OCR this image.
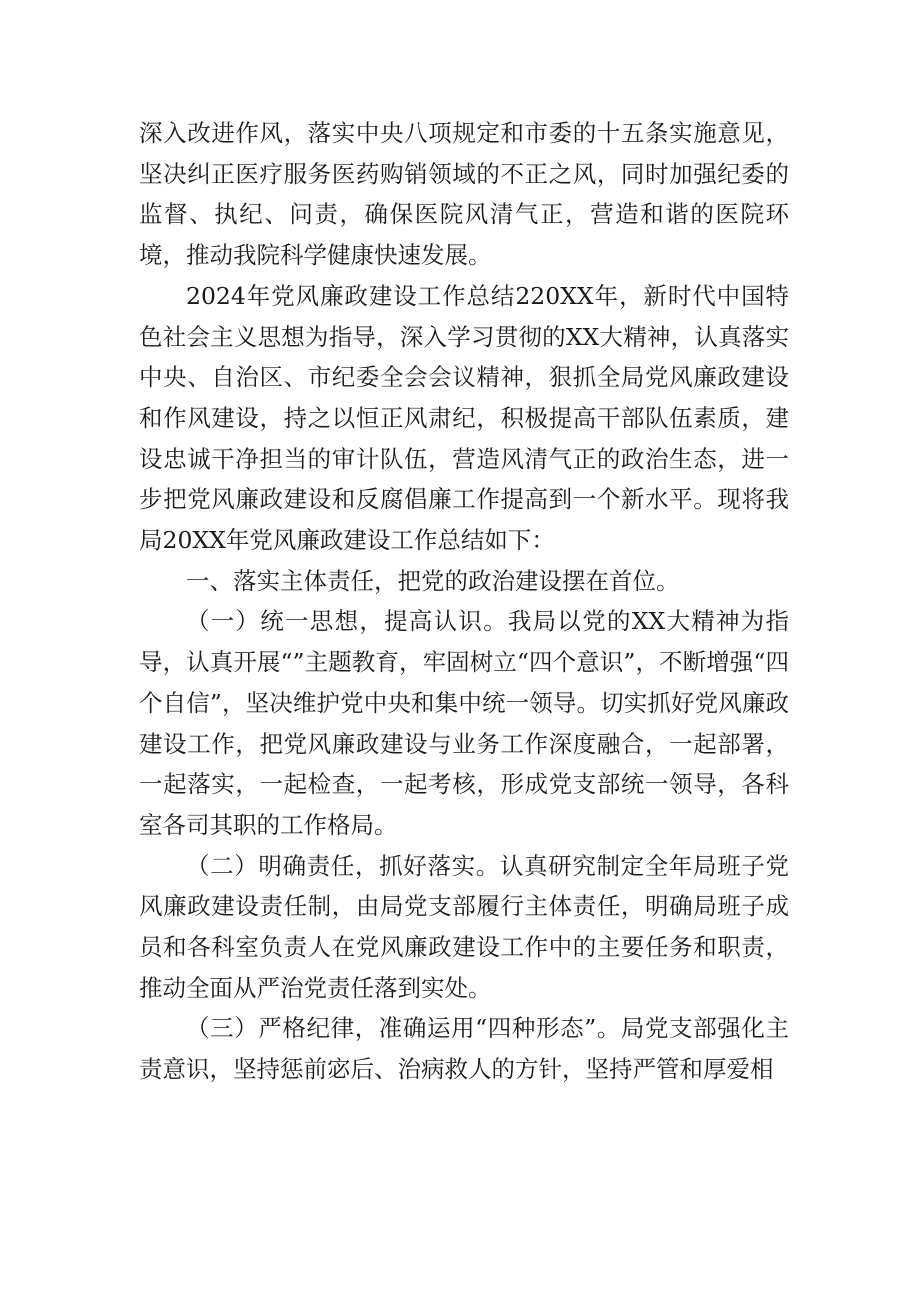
深入改进作风，落实中央八项规定和市委的十五条实施意见，坚决纠正医疗服务医药购销领域的不正之风，同时加强纪委的监督、执纪、问责，确保医院风清气正，营造和谐的医院环境，推动我院科学健康快速发展。

2024年党风廉政建设工作总结220XX年，新时代中国特色社会主义思想为指导，深入学习贯彻的XX大精神，认真落实中央、自治区、市纪委全会会议精神，狠抓全局党风廉政建设和作风建设，持之以恒正风肃纪，积极提高干部队伍素质，建设忠诚干净担当的审计队伍，营造风清气正的政治生态，进一步把党风廉政建设和反腐倡廉工作提高到一个新水平。现将我局20XX年党风廉政建设工作总结如下：

一、落实主体责任，把党的政治建设摆在首位。

（一）统一思想，提高认识。我局以党的XX大精神为指导，认真开展“”主题教育，牢固树立“四个意识”，不断增强“四个自信”，坚决维护党中央和集中统一领导。切实抓好党风廉政建设工作，把党风廉政建设与业务工作深度融合，一起部署，一起落实，一起检查，一起考核，形成党支部统一领导，各科室各司其职的工作格局。

（二）明确责任，抓好落实。认真研究制定全年局班子党风廉政建设责任制，由局党支部履行主体责任，明确局班子成员和各科室负责人在党风廉政建设工作中的主要任务和职责，推动全面从严治党责任落到实处。

（三）严格纪律，准确运用“四种形态”。局党支部强化主责意识，坚持惩前宓后、治病救人的方针，坚持严管和厚爱相
